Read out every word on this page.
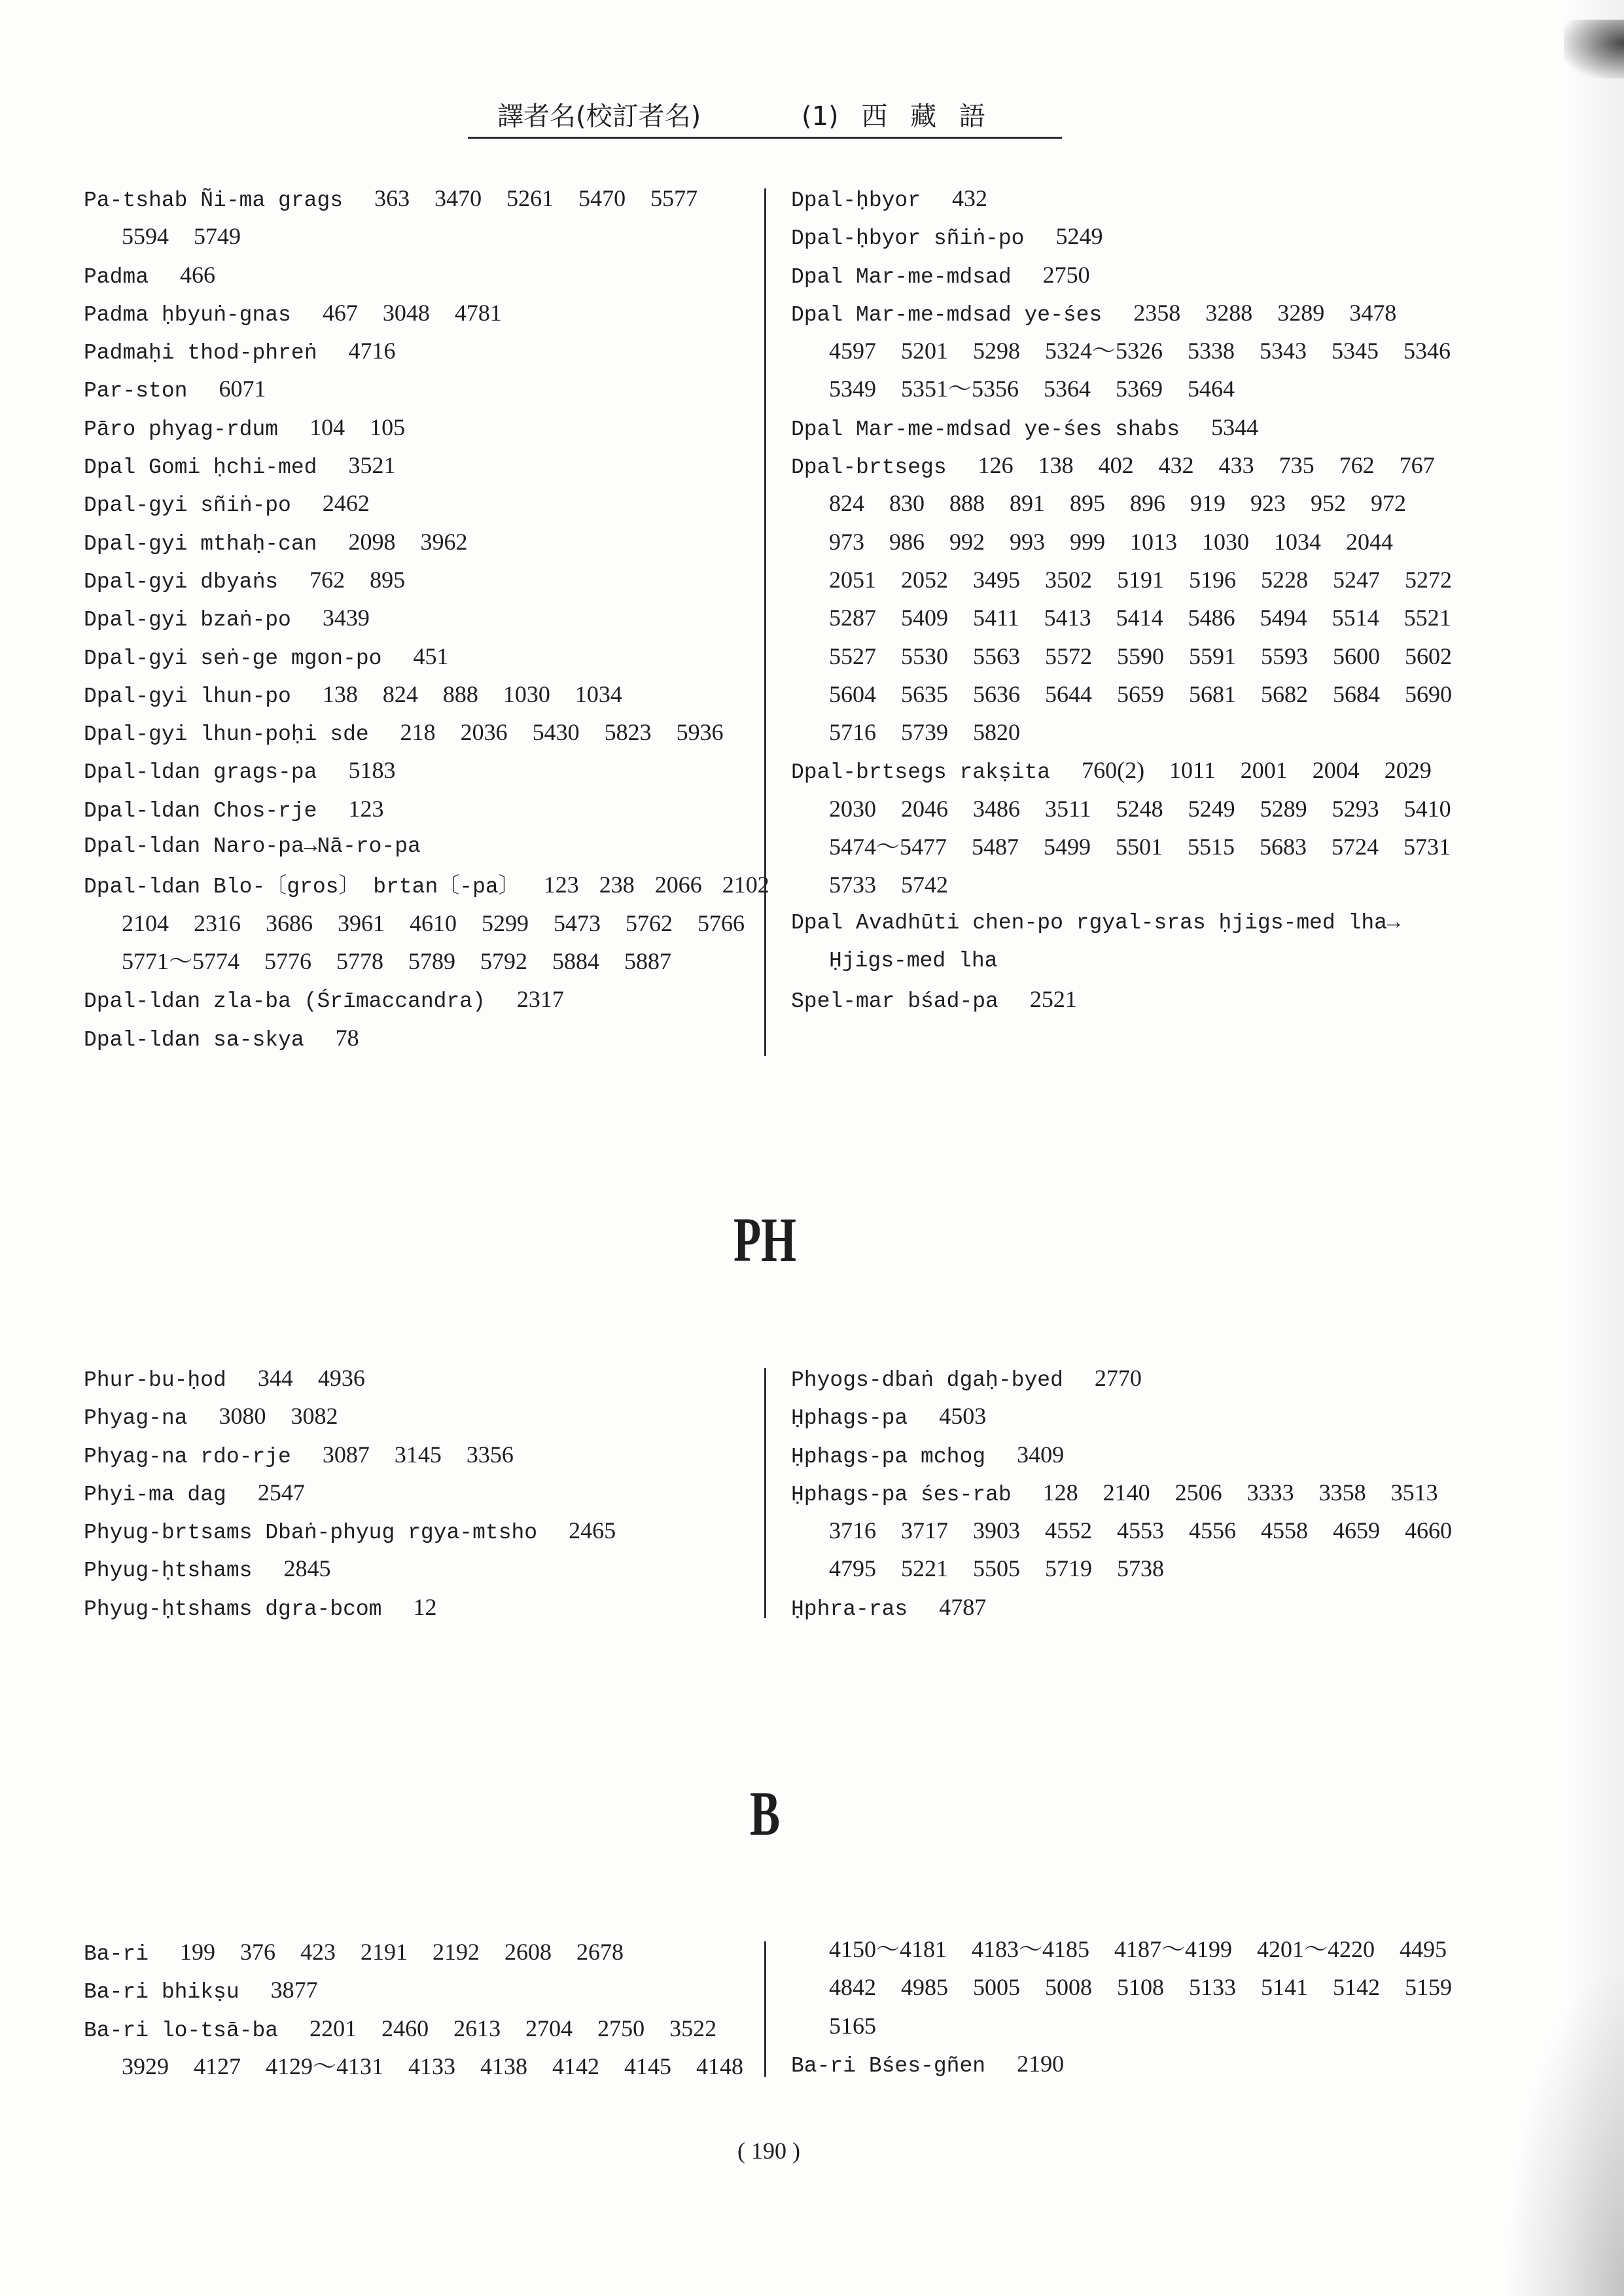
譯者名(校訂者名)	(1) 西 藏 語
Pa-tshab Ñi-ma grags 363 3470 5261 5470 5577
5594 5749
Padma 466
Padma ḥbyuṅ-gnas 467 3048 4781
Padmaḥi thod-phreṅ 4716
Par-ston 6071
Pāro phyag-rdum 104 105
Dpal Gomi ḥchi-med 3521
Dpal-gyi sñiṅ-po 2462
Dpal-gyi mthaḥ-can 2098 3962
Dpal-gyi dbyaṅs 762 895
Dpal-gyi bzaṅ-po 3439
Dpal-gyi seṅ-ge mgon-po 451
Dpal-gyi lhun-po 138 824 888 1030 1034
Dpal-gyi lhun-poḥi sde 218 2036 5430 5823 5936
Dpal-ldan grags-pa 5183
Dpal-ldan Chos-rje 123
Dpal-ldan Naro-pa→Nā-ro-pa
Dpal-ldan Blo-〔gros〕 brtan〔-pa〕 123 238 2066 2102
2104 2316 3686 3961 4610 5299 5473 5762 5766
5771～5774 5776 5778 5789 5792 5884 5887
Dpal-ldan zla-ba (Śrīmaccandra) 2317
Dpal-ldan sa-skya 78
Dpal-ḥbyor 432
Dpal-ḥbyor sñiṅ-po 5249
Dpal Mar-me-mdsad 2750
Dpal Mar-me-mdsad ye-śes 2358 3288 3289 3478
4597 5201 5298 5324～5326 5338 5343 5345 5346
5349 5351～5356 5364 5369 5464
Dpal Mar-me-mdsad ye-śes shabs 5344
Dpal-brtsegs 126 138 402 432 433 735 762 767
824 830 888 891 895 896 919 923 952 972
973 986 992 993 999 1013 1030 1034 2044
2051 2052 3495 3502 5191 5196 5228 5247 5272
5287 5409 5411 5413 5414 5486 5494 5514 5521
5527 5530 5563 5572 5590 5591 5593 5600 5602
5604 5635 5636 5644 5659 5681 5682 5684 5690
5716 5739 5820
Dpal-brtsegs rakṣita 760(2) 1011 2001 2004 2029
2030 2046 3486 3511 5248 5249 5289 5293 5410
5474～5477 5487 5499 5501 5515 5683 5724 5731
5733 5742
Dpal Avadhūti chen-po rgyal-sras ḥjigs-med lha→
Ḥjigs-med lha
Spel-mar bśad-pa 2521
PH
Phur-bu-ḥod 344 4936
Phyag-na 3080 3082
Phyag-na rdo-rje 3087 3145 3356
Phyi-ma dag 2547
Phyug-brtsams Dbaṅ-phyug rgya-mtsho 2465
Phyug-ḥtshams 2845
Phyug-ḥtshams dgra-bcom 12
Phyogs-dbaṅ dgaḥ-byed 2770
Ḥphags-pa 4503
Ḥphags-pa mchog 3409
Ḥphags-pa śes-rab 128 2140 2506 3333 3358 3513
3716 3717 3903 4552 4553 4556 4558 4659 4660
4795 5221 5505 5719 5738
Ḥphra-ras 4787
B
Ba-ri 199 376 423 2191 2192 2608 2678
Ba-ri bhikṣu 3877
Ba-ri lo-tsā-ba 2201 2460 2613 2704 2750 3522
3929 4127 4129～4131 4133 4138 4142 4145 4148
4150～4181 4183～4185 4187～4199 4201～4220 4495
4842 4985 5005 5008 5108 5133 5141 5142 5159
5165
Ba-ri Bśes-gñen 2190
( 190 )
